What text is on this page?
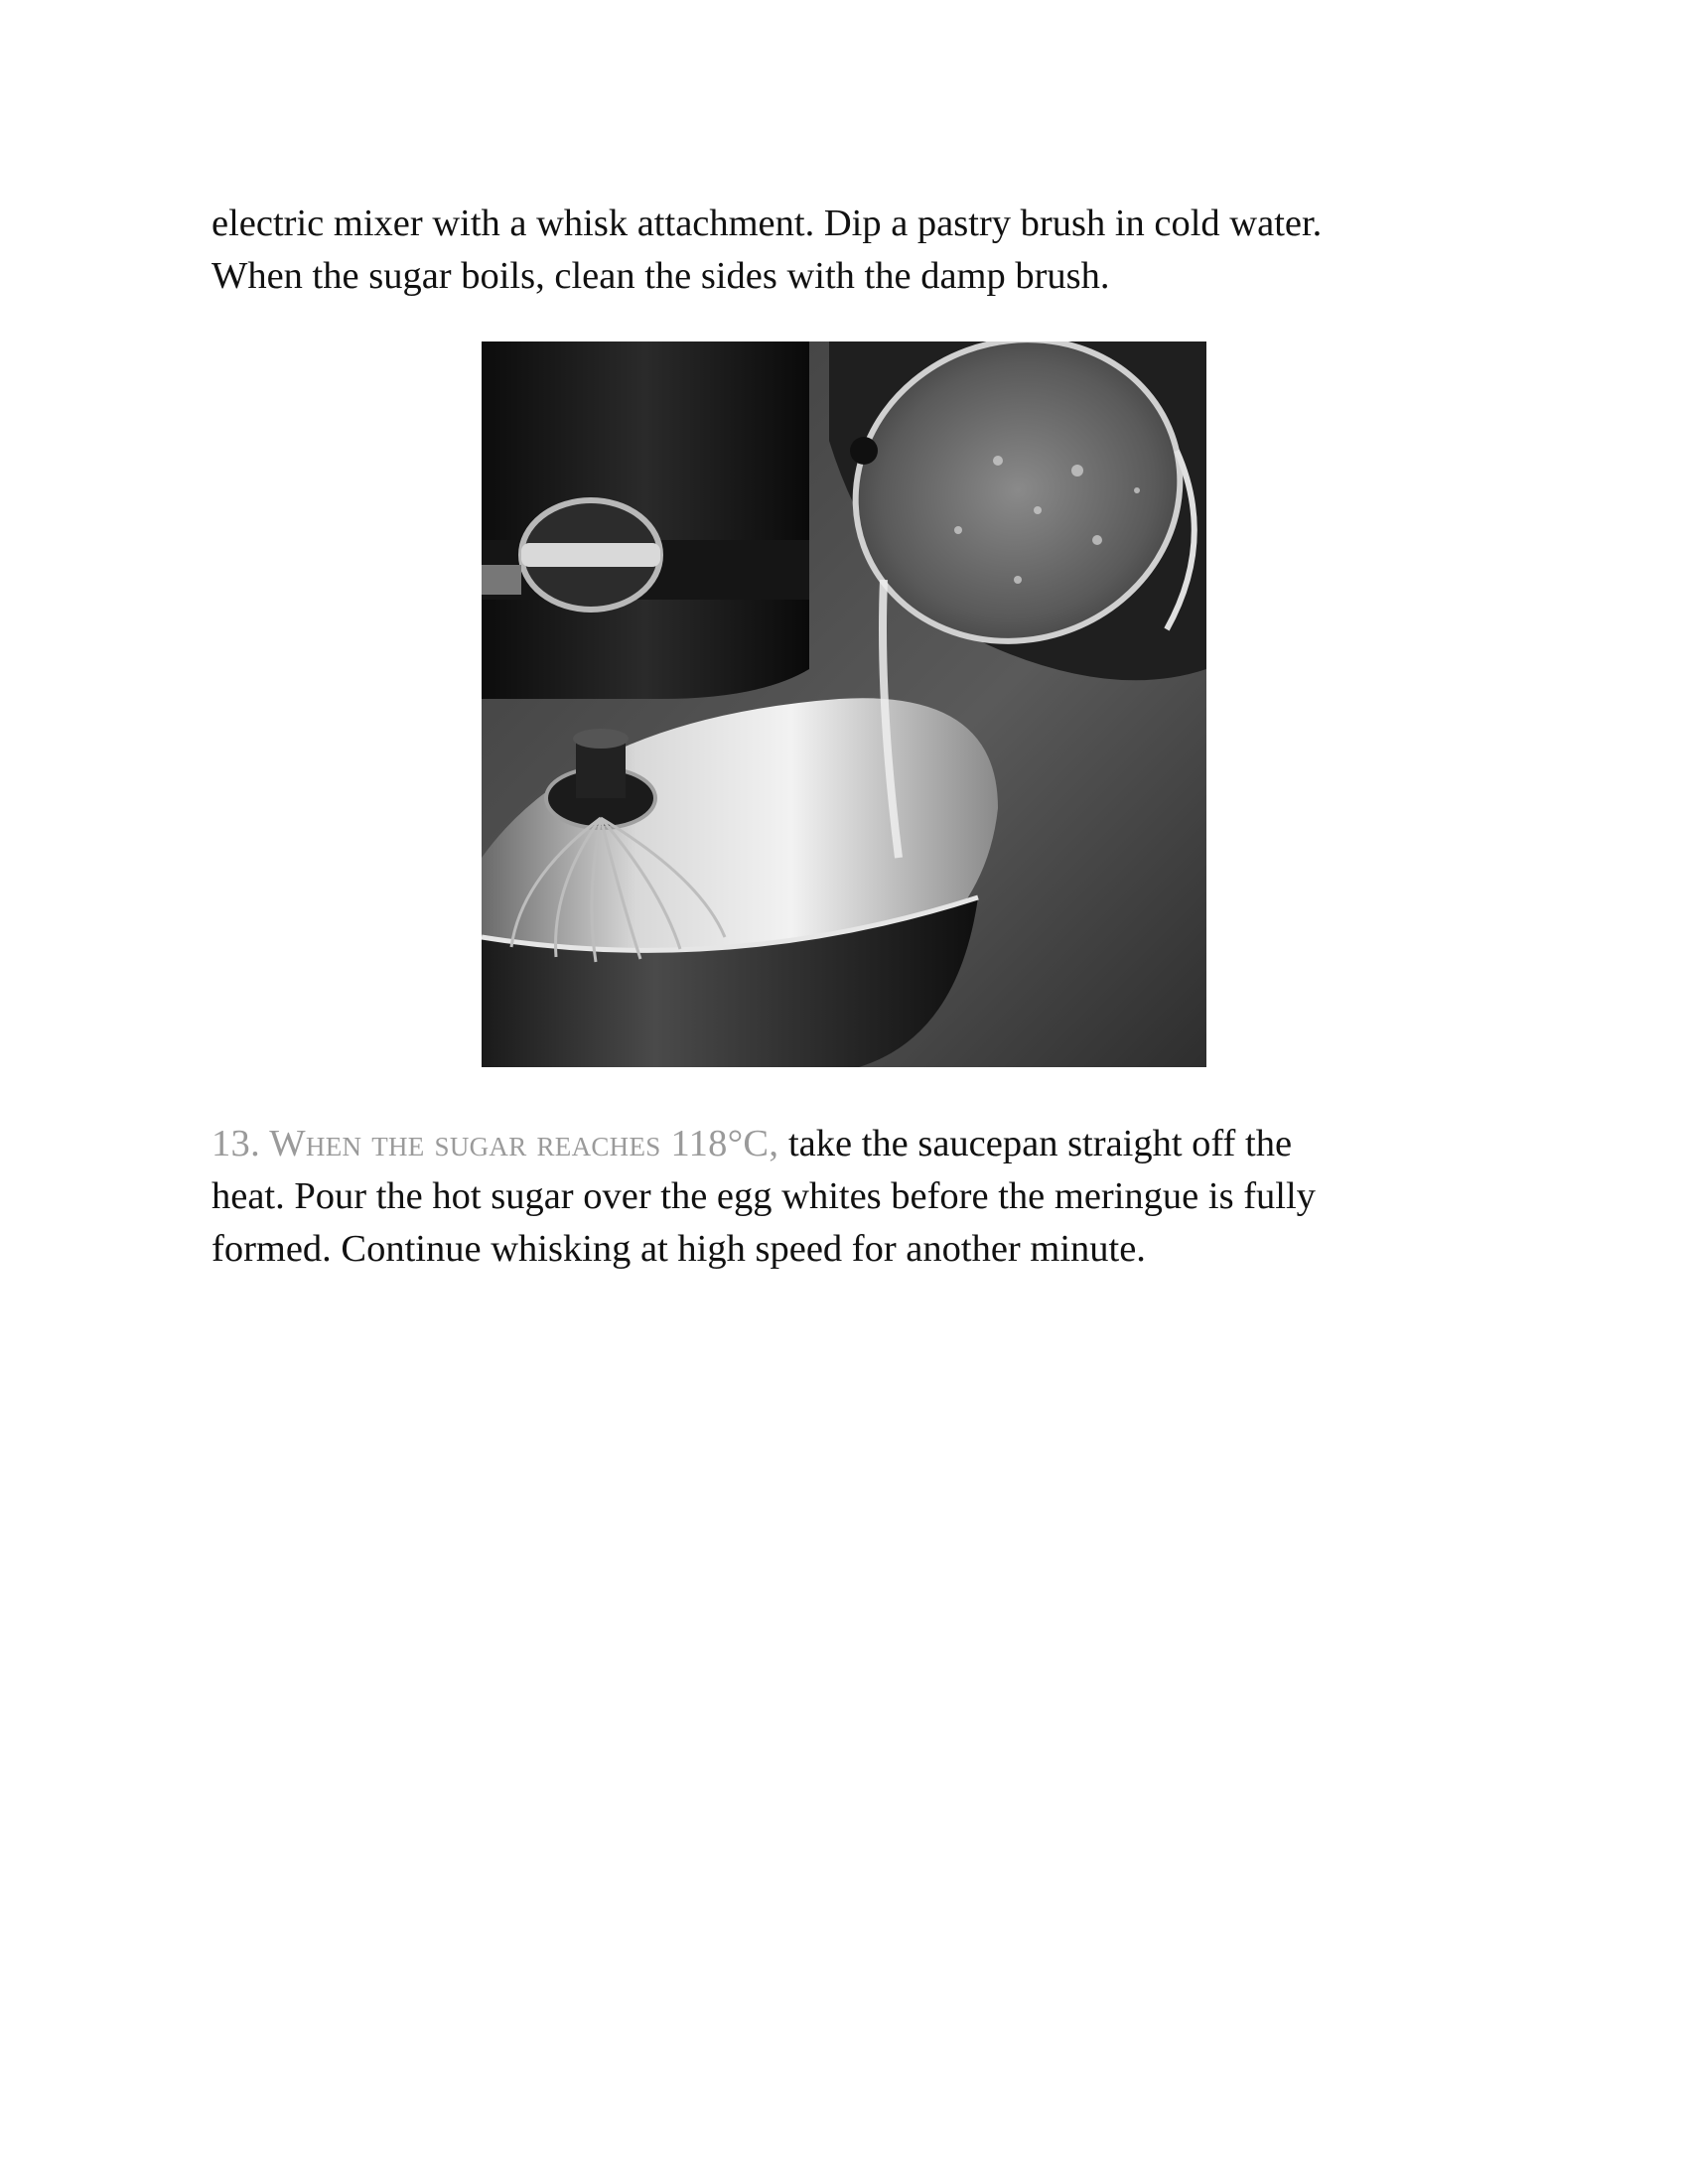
electric mixer with a whisk attachment. Dip a pastry brush in cold water.
When the sugar boils, clean the sides with the damp brush.

13. When the sugar reaches 118°C, take the saucepan straight off the
heat. Pour the hot sugar over the egg whites before the meringue is fully
formed. Continue whisking at high speed for another minute.
